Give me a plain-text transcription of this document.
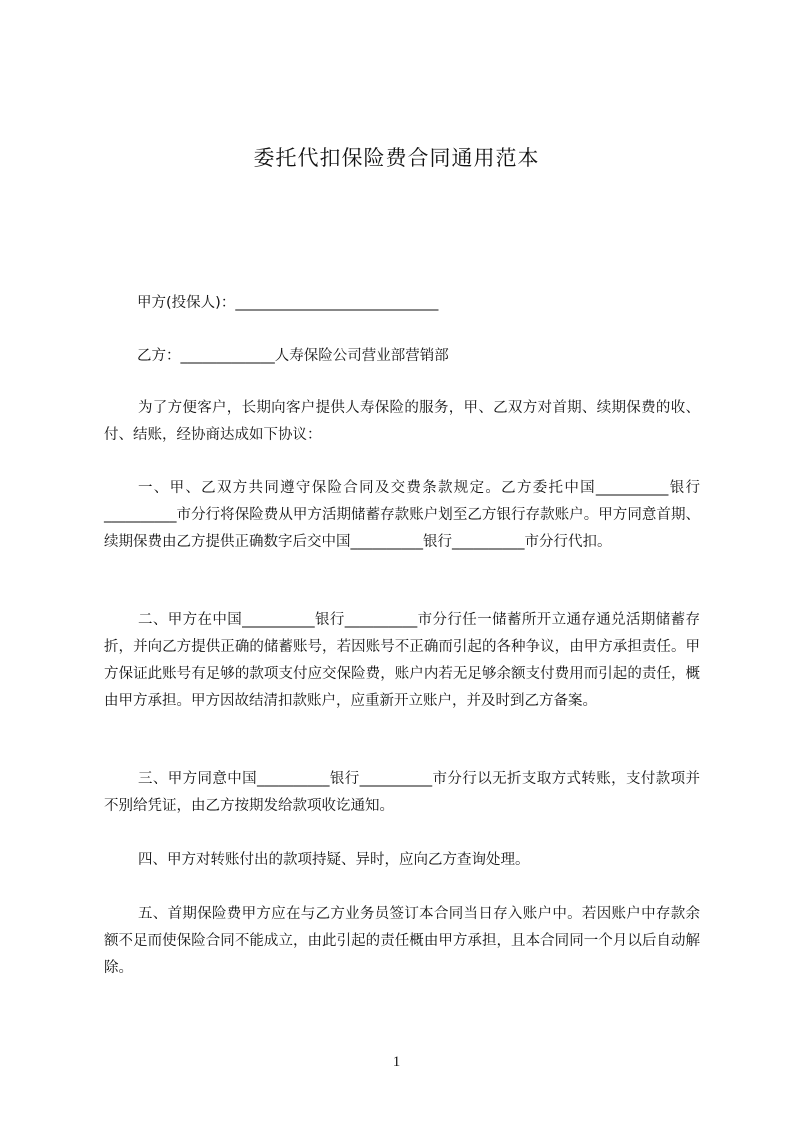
委托代扣保险费合同通用范本
甲方(投保人)：____________________________
乙方：_____________人寿保险公司营业部营销部
为了方便客户，长期向客户提供人寿保险的服务，甲、乙双方对首期、续期保费的收、付、结账，经协商达成如下协议：
一、甲、乙双方共同遵守保险合同及交费条款规定。乙方委托中国__________银行__________市分行将保险费从甲方活期储蓄存款账户划至乙方银行存款账户。甲方同意首期、续期保费由乙方提供正确数字后交中国__________银行__________市分行代扣。
二、甲方在中国__________银行__________市分行任一储蓄所开立通存通兑活期储蓄存折，并向乙方提供正确的储蓄账号，若因账号不正确而引起的各种争议，由甲方承担责任。甲方保证此账号有足够的款项支付应交保险费，账户内若无足够余额支付费用而引起的责任，概由甲方承担。甲方因故结清扣款账户，应重新开立账户，并及时到乙方备案。
三、甲方同意中国__________银行__________市分行以无折支取方式转账，支付款项并不别给凭证，由乙方按期发给款项收讫通知。
四、甲方对转账付出的款项持疑、异时，应向乙方查询处理。
五、首期保险费甲方应在与乙方业务员签订本合同当日存入账户中。若因账户中存款余额不足而使保险合同不能成立，由此引起的责任概由甲方承担，且本合同同一个月以后自动解除。
1
